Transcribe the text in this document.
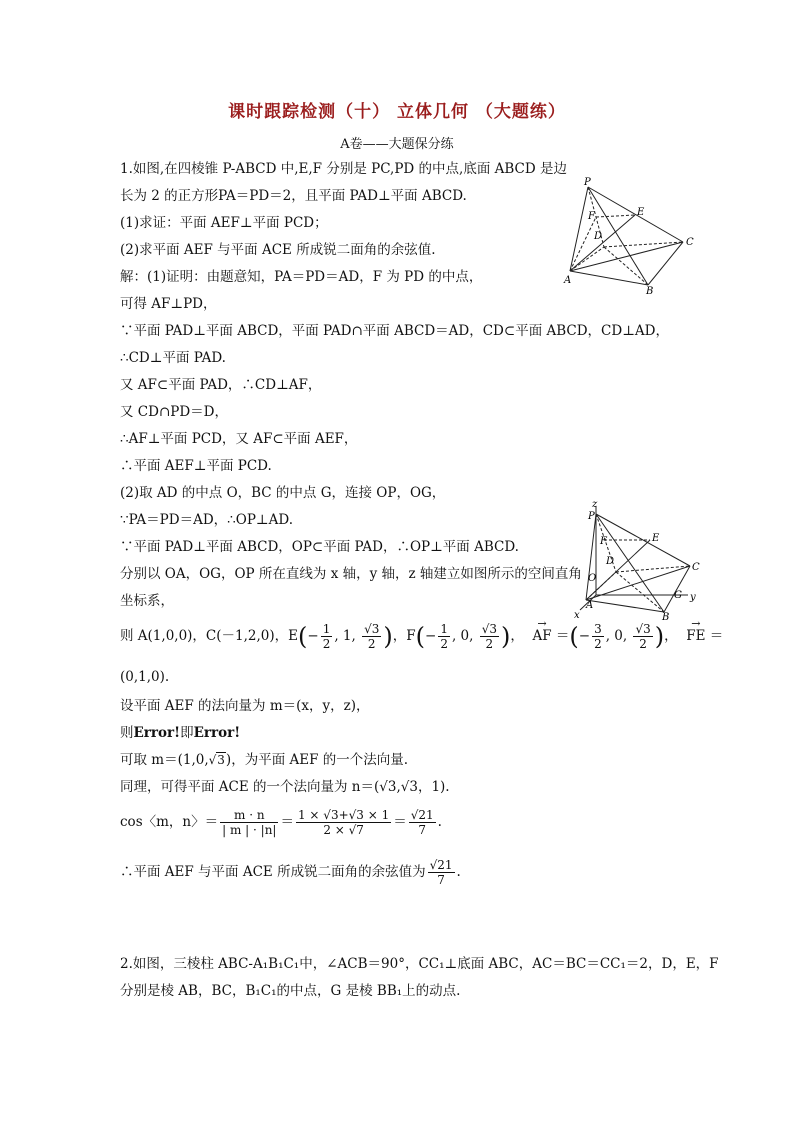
课时跟踪检测（十） 立体几何 （大题练）
A卷——大题保分练
1.如图,在四棱锥 P-ABCD 中,E,F 分别是 PC,PD 的中点,底面 ABCD 是边
长为 2 的正方形PA＝PD＝2，且平面 PAD⊥平面 ABCD.
(1)求证：平面 AEF⊥平面 PCD；
(2)求平面 AEF 与平面 ACE 所成锐二面角的余弦值.
解：(1)证明：由题意知，PA＝PD＝AD，F 为 PD 的中点，
可得 AF⊥PD，
∵平面 PAD⊥平面 ABCD，平面 PAD∩平面 ABCD＝AD，CD⊂平面 ABCD，CD⊥AD，
∴CD⊥平面 PAD.
又 AF⊂平面 PAD，∴CD⊥AF，
又 CD∩PD＝D，
∴AF⊥平面 PCD，又 AF⊂平面 AEF，
∴平面 AEF⊥平面 PCD.
(2)取 AD 的中点 O，BC 的中点 G，连接 OP，OG，
∵PA＝PD＝AD，∴OP⊥AD.
∵平面 PAD⊥平面 ABCD，OP⊂平面 PAD，∴OP⊥平面 ABCD.
分别以 OA，OG，OP 所在直线为 x 轴，y 轴，z 轴建立如图所示的空间直角
坐标系，
则 A(1,0,0)，C(－1,2,0)，$E(- \frac{1}{2}$ , 1, $\frac{√3}{2}$ )，$F(- \frac{1}{2}$ , 0, $\frac{√3}{2}$ )，  → AF ＝(− $\frac{3}{2}$ , 0, $\frac{√3}{2}$ )，  → FE ＝
(0,1,0).
设平面 AEF 的法向量为 m＝(x，y，z)，
则Error!即Error!
可取 m＝(1,0,√3)，为平面 AEF 的一个法向量.
同理，可得平面 ACE 的一个法向量为 n＝(√3,√3，1).
cos〈m，n〉＝ $\frac{m \cdot n}{| m | \cdot |n|} = \frac{1 \times √3+√3 \times 1}{2 \times √7} = \frac{√21}{7}$ .
∴平面 AEF 与平面 ACE 所成锐二面角的余弦值为 $\frac{√21}{7}$ .
2.如图，三棱柱 ABC-A₁B₁C₁中，∠ACB＝90°，CC₁⊥底面 ABC，AC＝BC＝CC₁＝2，D，E，F
分别是棱 AB，BC，B₁C₁的中点，G 是棱 BB₁上的动点.
P
E
F
D
C
A
B
z
P
E
F
D
O
C
G y
A
B
x
